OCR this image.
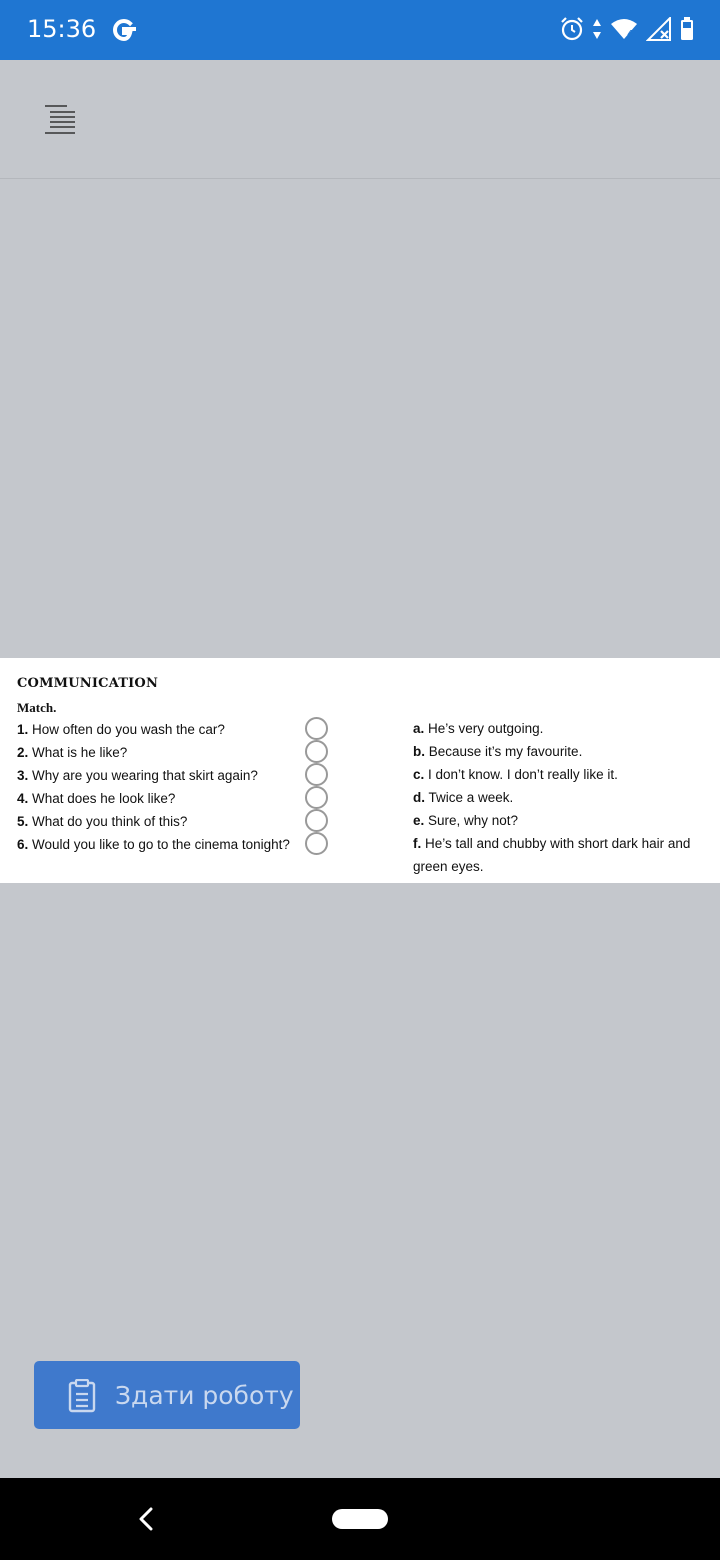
15:36	4
COMMUNICATION
Match.
1. How often do you wash the car?
2. What is he like?
3. Why are you wearing that skirt again?
4. What does he look like?
5. What do you think of this?
6. Would you like to go to the cinema tonight?
a. He’s very outgoing.
b. Because it’s my favourite.
c. I don’t know. I don’t really like it.
d. Twice a week.
e. Sure, why not?
f. He’s tall and chubby with short dark hair and green eyes.
Здати роботу
